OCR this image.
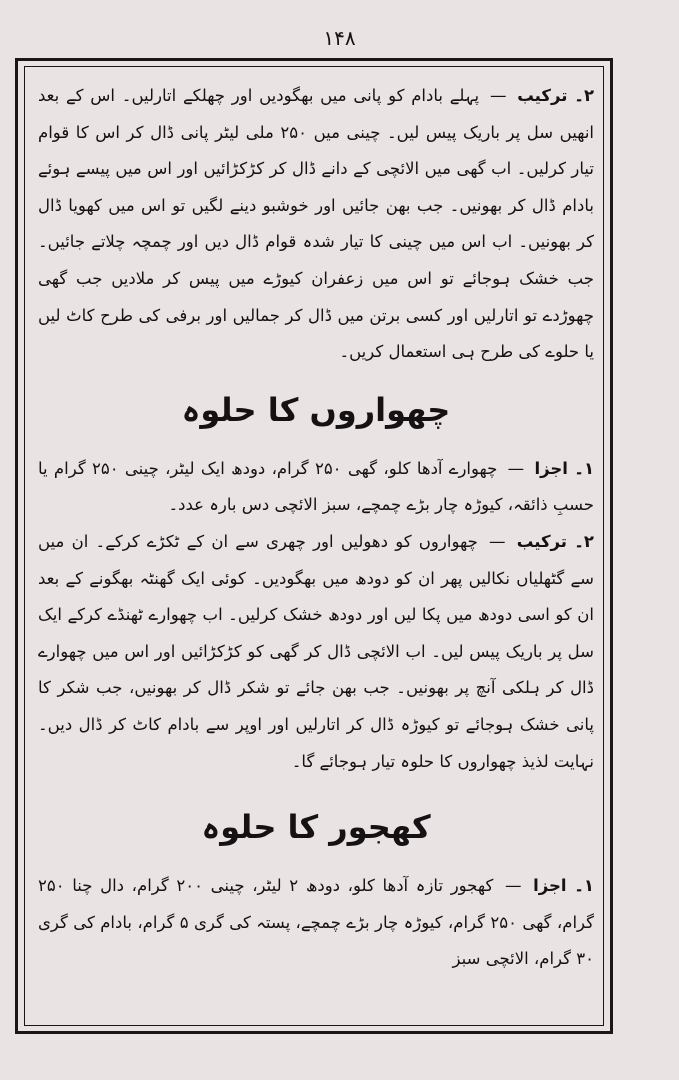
۱۴۸

۲۔ ترکیب — پہلے بادام کو پانی میں بھگودیں اور چھلکے اتارلیں۔ اس کے بعد انھیں سل پر باریک پیس لیں۔ چینی میں ۲۵۰ ملی لیٹر پانی ڈال کر اس کا قوام تیار کرلیں۔ اب گھی میں الائچی کے دانے ڈال کر کڑکڑائیں اور اس میں پیسے ہوئے بادام ڈال کر بھونیں۔ جب بھن جائیں اور خوشبو دینے لگیں تو اس میں کھویا ڈال کر بھونیں۔ اب اس میں چینی کا تیار شدہ قوام ڈال دیں اور چمچہ چلاتے جائیں۔ جب خشک ہوجائے تو اس میں زعفران کیوڑے میں پیس کر ملادیں جب گھی چھوڑدے تو اتارلیں اور کسی برتن میں ڈال کر جمالیں اور برفی کی طرح کاٹ لیں یا حلوے کی طرح ہی استعمال کریں۔

چھواروں کا حلوہ

۱۔ اجزا — چھوارے آدھا کلو، گھی ۲۵۰ گرام، دودھ ایک لیٹر، چینی ۲۵۰ گرام یا حسبِ ذائقہ، کیوڑہ چار بڑے چمچے، سبز الائچی دس بارہ عدد۔

۲۔ ترکیب — چھواروں کو دھولیں اور چھری سے ان کے ٹکڑے کرکے۔ ان میں سے گٹھلیاں نکالیں پھر ان کو دودھ میں بھگودیں۔ کوئی ایک گھنٹہ بھگونے کے بعد ان کو اسی دودھ میں پکا لیں اور دودھ خشک کرلیں۔ اب چھوارے ٹھنڈے کرکے ایک سل پر باریک پیس لیں۔ اب الائچی ڈال کر گھی کو کڑکڑائیں اور اس میں چھوارے ڈال کر ہلکی آنچ پر بھونیں۔ جب بھن جائے تو شکر ڈال کر بھونیں، جب شکر کا پانی خشک ہوجائے تو کیوڑہ ڈال کر اتارلیں اور اوپر سے بادام کاٹ کر ڈال دیں۔ نہایت لذیذ چھواروں کا حلوہ تیار ہوجائے گا۔

کھجور کا حلوہ

۱۔ اجزا — کھجور تازہ آدھا کلو، دودھ ۲ لیٹر، چینی ۲۰۰ گرام، دال چنا ۲۵۰ گرام، گھی ۲۵۰ گرام، کیوڑہ چار بڑے چمچے، پستہ کی گری ۵ گرام، بادام کی گری ۳۰ گرام، الائچی سبز
